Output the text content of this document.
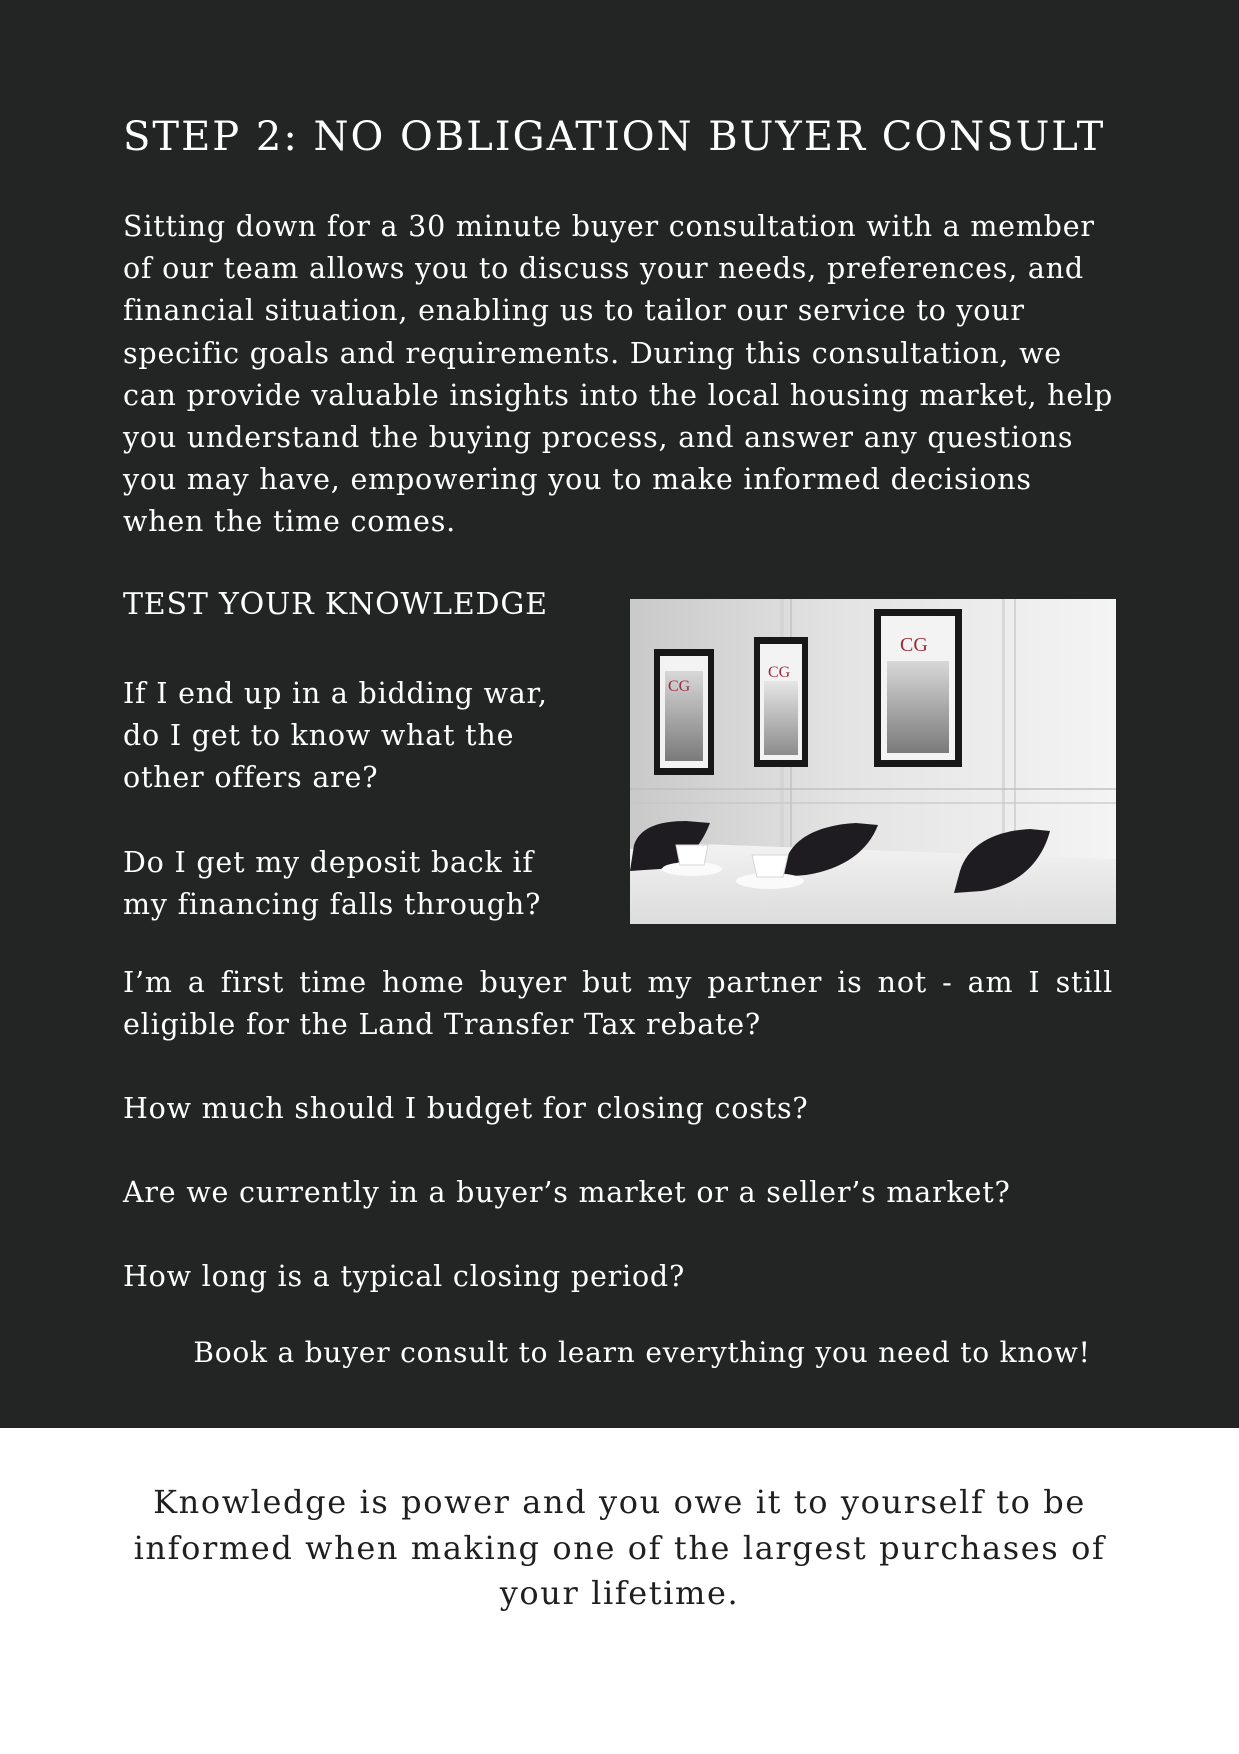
STEP 2: NO OBLIGATION BUYER CONSULT

Sitting down for a 30 minute buyer consultation with a member of our team allows you to discuss your needs, preferences, and financial situation, enabling us to tailor our service to your specific goals and requirements. During this consultation, we can provide valuable insights into the local housing market, help you understand the buying process, and answer any questions you may have, empowering you to make informed decisions when the time comes.

TEST YOUR KNOWLEDGE

If I end up in a bidding war, do I get to know what the other offers are?

Do I get my deposit back if my financing falls through?

I’m a first time home buyer but my partner is not - am I still eligible for the Land Transfer Tax rebate?

How much should I budget for closing costs?

Are we currently in a buyer’s market or a seller’s market?

How long is a typical closing period?

Book a buyer consult to learn everything you need to know!

CG
CG
CG

Knowledge is power and you owe it to yourself to be informed when making one of the largest purchases of your lifetime.
